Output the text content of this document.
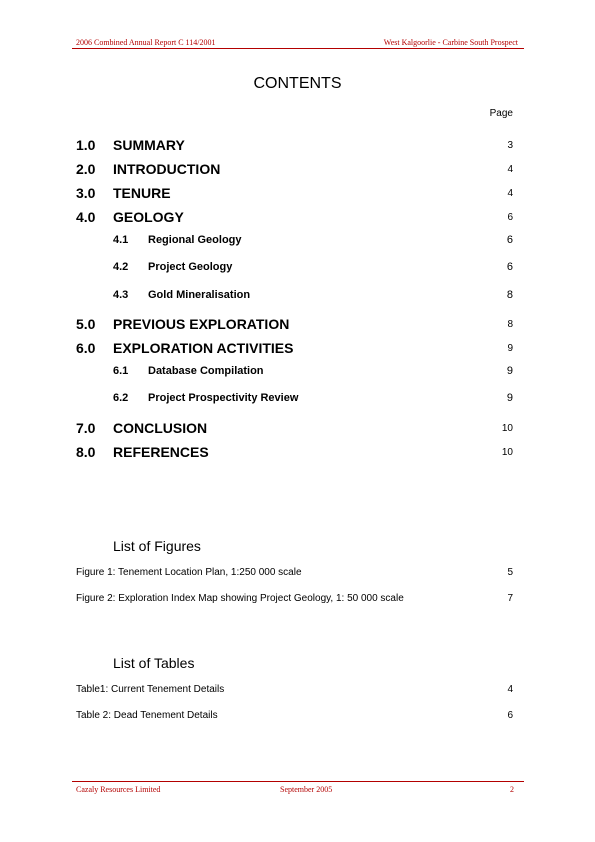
2006 Combined Annual Report C 114/2001	West Kalgoorlie - Carbine South Prospect
CONTENTS
Page
1.0 SUMMARY	3
2.0 INTRODUCTION	4
3.0 TENURE	4
4.0 GEOLOGY	6
4.1 Regional Geology	6
4.2 Project Geology	6
4.3 Gold Mineralisation	8
5.0 PREVIOUS EXPLORATION	8
6.0 EXPLORATION ACTIVITIES	9
6.1 Database Compilation	9
6.2 Project Prospectivity Review	9
7.0 CONCLUSION	10
8.0 REFERENCES	10
List of Figures
Figure 1: Tenement Location Plan, 1:250 000 scale	5
Figure 2: Exploration Index Map showing Project Geology, 1: 50 000 scale	7
List of Tables
Table1: Current Tenement Details	4
Table 2: Dead Tenement Details	6
Cazaly Resources Limited	September 2005	2
